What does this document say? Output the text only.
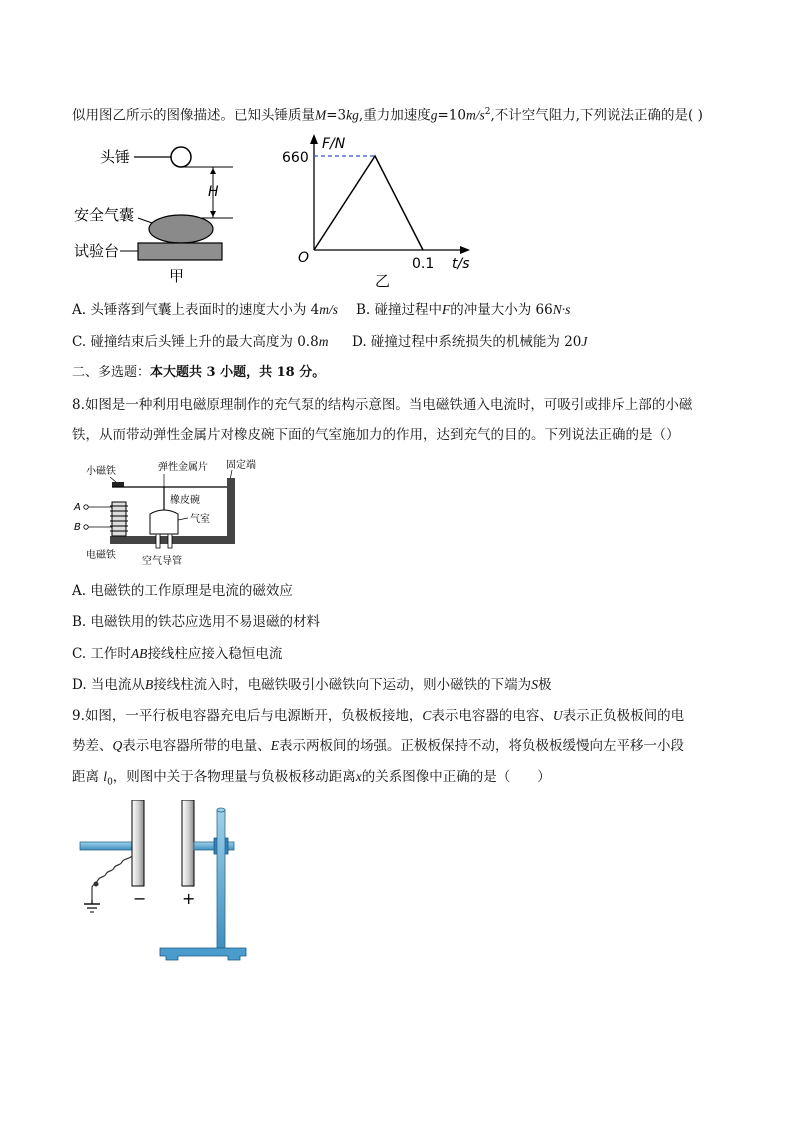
似用图乙所示的图像描述。已知头锤质量M=3kg,重力加速度$g=10m/s^2$,不计空气阻力,下列说法正确的是( )
头锤
H
安全气囊
试验台
甲
F/N
660
O	0.1 t/s
乙
A. 头锤落到气囊上表面时的速度大小为 4m/s B. 碰撞过程中F的冲量大小为 66N·s
C. 碰撞结束后头锤上升的最大高度为 0.8m D. 碰撞过程中系统损失的机械能为 20J
二、多选题：本大题共 3 小题，共 18 分。
8.如图是一种利用电磁原理制作的充气泵的结构示意图。当电磁铁通入电流时，可吸引或排斥上部的小磁
铁，从而带动弹性金属片对橡皮碗下面的气室施加力的作用，达到充气的目的。下列说法正确的是（）
小磁铁	弹性金属片 固定端
橡皮碗
气室
A
B
电磁铁
空气导管
A. 电磁铁的工作原理是电流的磁效应
B. 电磁铁用的铁芯应选用不易退磁的材料
C. 工作时AB接线柱应接入稳恒电流
D. 当电流从B接线柱流入时，电磁铁吸引小磁铁向下运动，则小磁铁的下端为S极
9.如图，一平行板电容器充电后与电源断开，负极板接地，C表示电容器的电容、U表示正负极板间的电
势差、Q表示电容器所带的电量、E表示两板间的场强。正极板保持不动，将负极板缓慢向左平移一小段
距离 $l_0$，则图中关于各物理量与负极板移动距离x的关系图像中正确的是（　　）
− +
